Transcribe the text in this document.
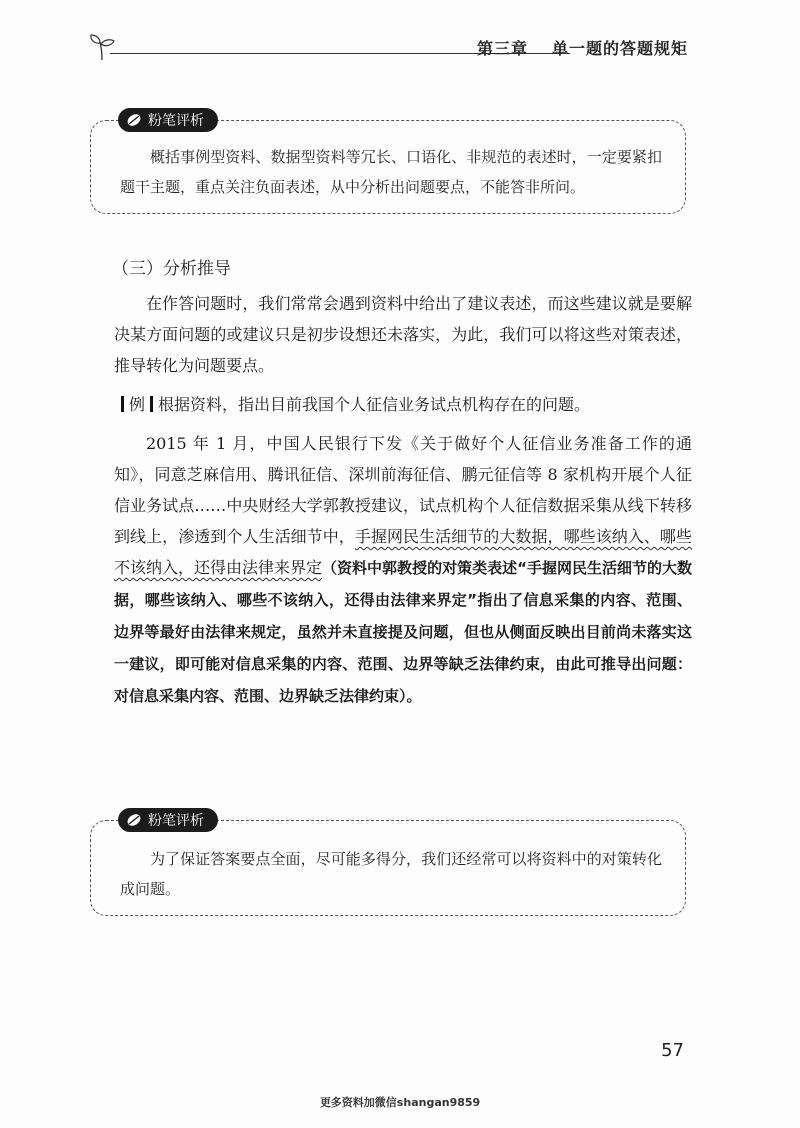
第三章 单一题的答题规矩
粉笔评析

概括事例型资料、数据型资料等冗长、口语化、非规范的表述时，一定要紧扣题干主题，重点关注负面表述，从中分析出问题要点，不能答非所问。

（三）分析推导

在作答问题时，我们常常会遇到资料中给出了建议表述，而这些建议就是要解决某方面问题的或建议只是初步设想还未落实，为此，我们可以将这些对策表述，推导转化为问题要点。

例 根据资料，指出目前我国个人征信业务试点机构存在的问题。

2015 年 1 月，中国人民银行下发《关于做好个人征信业务准备工作的通知》，同意芝麻信用、腾讯征信、深圳前海征信、鹏元征信等 8 家机构开展个人征信业务试点……中央财经大学郭教授建议，试点机构个人征信数据采集从线下转移到线上，渗透到个人生活细节中，手握网民生活细节的大数据，哪些该纳入、哪些不该纳入，还得由法律来界定（资料中郭教授的对策类表述“手握网民生活细节的大数据，哪些该纳入、哪些不该纳入，还得由法律来界定”指出了信息采集的内容、范围、边界等最好由法律来规定，虽然并未直接提及问题，但也从侧面反映出目前尚未落实这一建议，即可能对信息采集的内容、范围、边界等缺乏法律约束，由此可推导出问题：对信息采集内容、范围、边界缺乏法律约束）。

粉笔评析

为了保证答案要点全面，尽可能多得分，我们还经常可以将资料中的对策转化成问题。

57
更多资料加微信shangan9859
